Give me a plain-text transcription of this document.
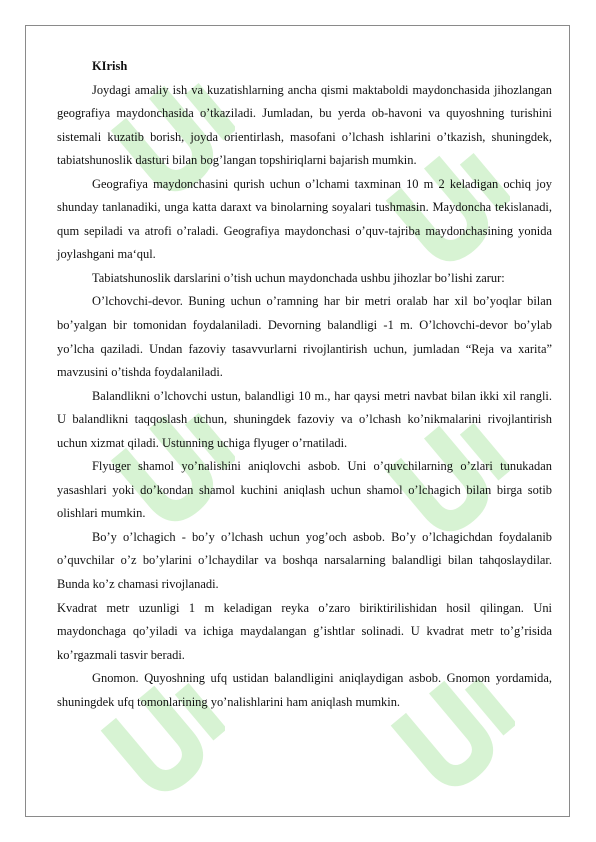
KIrish

Joydagi amaliy ish va kuzatishlarning ancha qismi maktaboldi maydonchasida jihozlangan geografiya maydonchasida o’tkaziladi. Jumladan, bu yerda ob-havoni va quyoshning turishini sistemali kuzatib borish, joyda orientirlash, masofani o’lchash ishlarini o’tkazish, shuningdek, tabiatshunoslik dasturi bilan bog’langan topshiriqlarni bajarish mumkin.

Geografiya maydonchasini qurish uchun o’lchami taxminan 10 m 2 keladigan ochiq joy shunday tanlanadiki, unga katta daraxt va binolarning soyalari tushmasin. Maydoncha tekislanadi, qum sepiladi va atrofi o’raladi. Geografiya maydonchasi o’quv-tajriba maydonchasining yonida joylashgani ma‘qul.

Tabiatshunoslik darslarini o’tish uchun maydonchada ushbu jihozlar bo’lishi zarur:

O’lchovchi-devor. Buning uchun o’ramning har bir metri oralab har xil bo’yoqlar bilan bo’yalgan bir tomonidan foydalaniladi. Devorning balandligi -1 m. O’lchovchi-devor bo’ylab yo’lcha qaziladi. Undan fazoviy tasavvurlarni rivojlantirish uchun, jumladan “Reja va xarita” mavzusini o’tishda foydalaniladi.

Balandlikni o’lchovchi ustun, balandligi 10 m., har qaysi metri navbat bilan ikki xil rangli. U balandlikni taqqoslash uchun, shuningdek fazoviy va o’lchash ko’nikmalarini rivojlantirish uchun xizmat qiladi. Ustunning uchiga flyuger o’rnatiladi.

Flyuger shamol yo’nalishini aniqlovchi asbob. Uni o’quvchilarning o’zlari tunukadan yasashlari yoki do’kondan shamol kuchini aniqlash uchun shamol o’lchagich bilan birga sotib olishlari mumkin.

Bo’y o’lchagich - bo’y o’lchash uchun yog’och asbob. Bo’y o’lchagichdan foydalanib o’quvchilar o’z bo’ylarini o’lchaydilar va boshqa narsalarning balandligi bilan tahqoslaydilar. Bunda ko’z chamasi rivojlanadi.

Kvadrat metr uzunligi 1 m keladigan reyka o’zaro biriktirilishidan hosil qilingan. Uni maydonchaga qo’yiladi va ichiga maydalangan g’ishtlar solinadi. U kvadrat metr to’g’risida ko’rgazmali tasvir beradi.

Gnomon. Quyoshning ufq ustidan balandligini aniqlaydigan asbob. Gnomon yordamida, shuningdek ufq tomonlarining yo’nalishlarini ham aniqlash mumkin.
